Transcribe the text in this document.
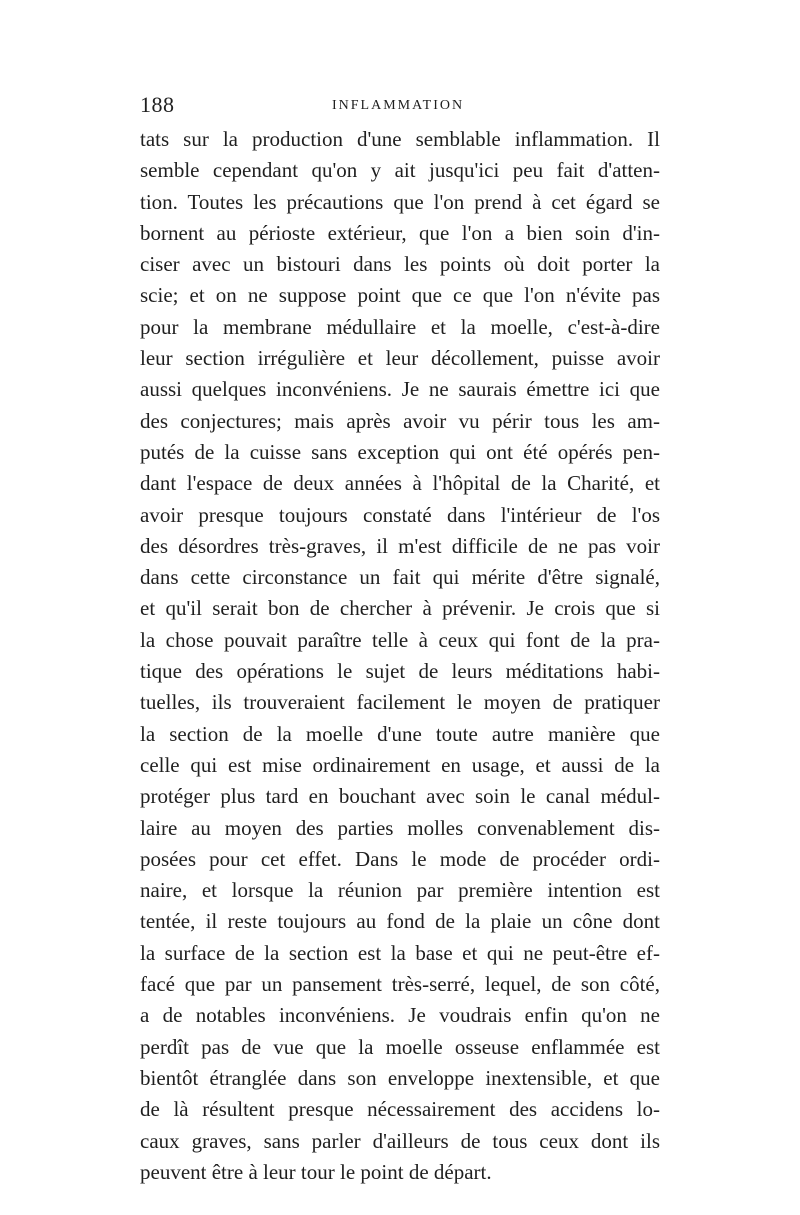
188	INFLAMMATION
tats sur la production d'une semblable inflammation. Il
semble cependant qu'on y ait jusqu'ici peu fait d'atten-
tion. Toutes les précautions que l'on prend à cet égard se
bornent au périoste extérieur, que l'on a bien soin d'in-
ciser avec un bistouri dans les points où doit porter la
scie; et on ne suppose point que ce que l'on n'évite pas
pour la membrane médullaire et la moelle, c'est-à-dire
leur section irrégulière et leur décollement, puisse avoir
aussi quelques inconvéniens. Je ne saurais émettre ici que
des conjectures; mais après avoir vu périr tous les am-
putés de la cuisse sans exception qui ont été opérés pen-
dant l'espace de deux années à l'hôpital de la Charité, et
avoir presque toujours constaté dans l'intérieur de l'os
des désordres très-graves, il m'est difficile de ne pas voir
dans cette circonstance un fait qui mérite d'être signalé,
et qu'il serait bon de chercher à prévenir. Je crois que si
la chose pouvait paraître telle à ceux qui font de la pra-
tique des opérations le sujet de leurs méditations habi-
tuelles, ils trouveraient facilement le moyen de pratiquer
la section de la moelle d'une toute autre manière que
celle qui est mise ordinairement en usage, et aussi de la
protéger plus tard en bouchant avec soin le canal médul-
laire au moyen des parties molles convenablement dis-
posées pour cet effet. Dans le mode de procéder ordi-
naire, et lorsque la réunion par première intention est
tentée, il reste toujours au fond de la plaie un cône dont
la surface de la section est la base et qui ne peut-être ef-
facé que par un pansement très-serré, lequel, de son côté,
a de notables inconvéniens. Je voudrais enfin qu'on ne
perdît pas de vue que la moelle osseuse enflammée est
bientôt étranglée dans son enveloppe inextensible, et que
de là résultent presque nécessairement des accidens lo-
caux graves, sans parler d'ailleurs de tous ceux dont ils
peuvent être à leur tour le point de départ.
